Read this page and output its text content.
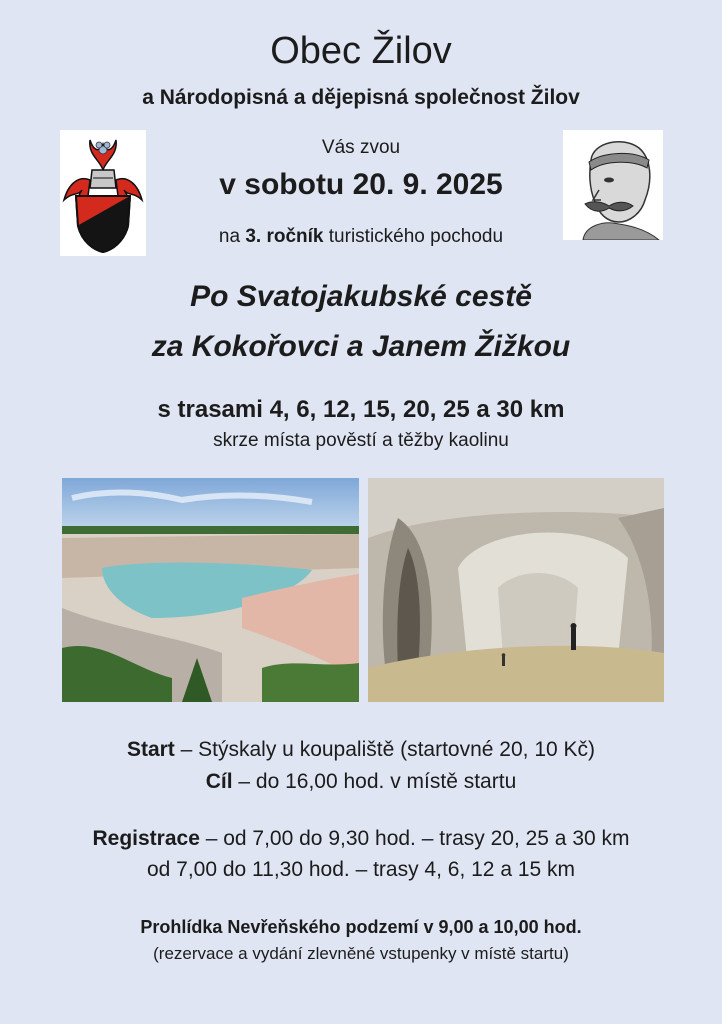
Obec Žilov
a Národopisná a dějepisná společnost Žilov
Vás zvou
v sobotu 20. 9. 2025
na 3. ročník turistického pochodu
Po Svatojakubské cestě
za Kokořovci a Janem Žižkou
s trasami 4, 6, 12, 15, 20, 25 a 30 km
skrze místa pověstí a těžby kaolinu
Start – Stýskaly u koupaliště (startovné 20, 10 Kč)
Cíl – do 16,00 hod. v místě startu
Registrace – od 7,00 do 9,30 hod. – trasy 20, 25 a 30 km
od 7,00 do 11,30 hod. – trasy 4, 6, 12 a 15 km
Prohlídka Nevřeňského podzemí v 9,00 a 10,00 hod.
(rezervace a vydání zlevněné vstupenky v místě startu)
